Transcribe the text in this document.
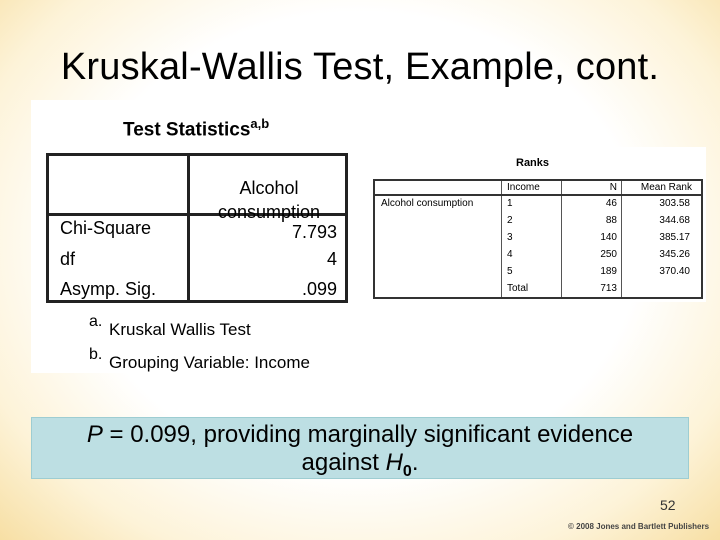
Kruskal-Wallis Test, Example, cont.
Test Statistics$^{a,b}$
Alcohol consumption
Chi-Square	7.793
df	4
Asymp. Sig.	.099
a. Kruskal Wallis Test
b. Grouping Variable: Income
Ranks
Income	N	Mean Rank
Alcohol consumption	1	46	303.58
2	88	344.68
3	140	385.17
4	250	345.26
5	189	370.40
Total	713
P = 0.099, providing marginally significant evidence
against $H_0$.
52
© 2008 Jones and Bartlett Publishers
